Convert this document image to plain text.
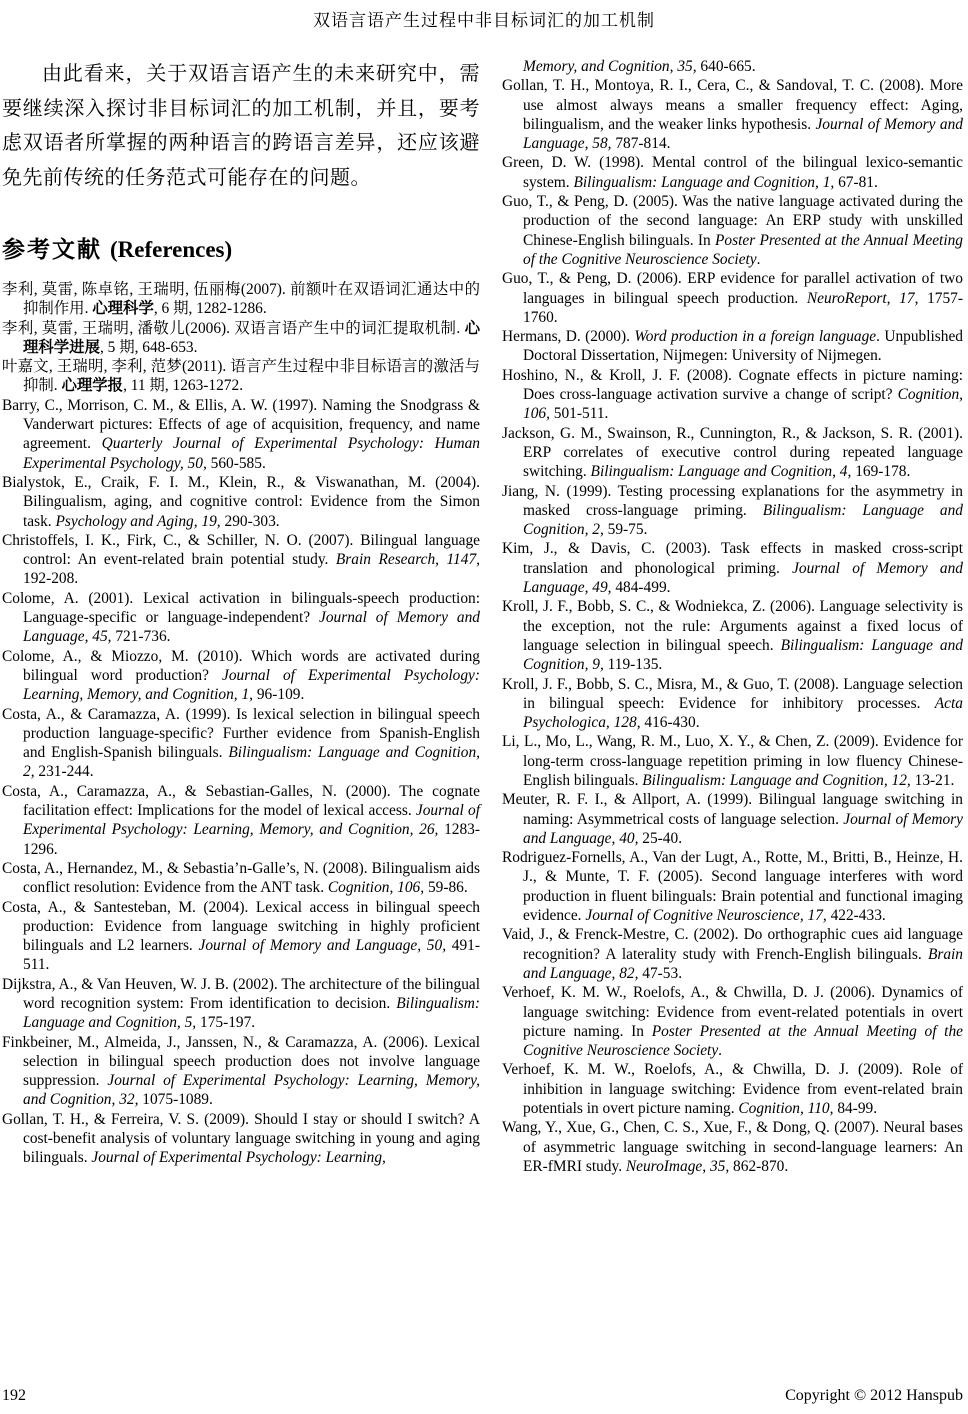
双语言语产生过程中非目标词汇的加工机制

由此看来，关于双语言语产生的未来研究中，需要继续深入探讨非目标词汇的加工机制，并且，要考虑双语者所掌握的两种语言的跨语言差异，还应该避免先前传统的任务范式可能存在的问题。

参考文献 (References)

李利, 莫雷, 陈卓铭, 王瑞明, 伍丽梅(2007). 前额叶在双语词汇通达中的抑制作用. 心理科学, 6 期, 1282-1286.

李利, 莫雷, 王瑞明, 潘敬儿(2006). 双语言语产生中的词汇提取机制. 心理科学进展, 5 期, 648-653.

叶嘉文, 王瑞明, 李利, 范梦(2011). 语言产生过程中非目标语言的激活与抑制. 心理学报, 11 期, 1263-1272.

Barry, C., Morrison, C. M., & Ellis, A. W. (1997). Naming the Snodgrass & Vanderwart pictures: Effects of age of acquisition, frequency, and name agreement. Quarterly Journal of Experimental Psychology: Human Experimental Psychology, 50, 560-585.

Bialystok, E., Craik, F. I. M., Klein, R., & Viswanathan, M. (2004). Bilingualism, aging, and cognitive control: Evidence from the Simon task. Psychology and Aging, 19, 290-303.

Christoffels, I. K., Firk, C., & Schiller, N. O. (2007). Bilingual language control: An event-related brain potential study. Brain Research, 1147, 192-208.

Colome, A. (2001). Lexical activation in bilinguals-speech production: Language-specific or language-independent? Journal of Memory and Language, 45, 721-736.

Colome, A., & Miozzo, M. (2010). Which words are activated during bilingual word production? Journal of Experimental Psychology: Learning, Memory, and Cognition, 1, 96-109.

Costa, A., & Caramazza, A. (1999). Is lexical selection in bilingual speech production language-specific? Further evidence from Spanish-English and English-Spanish bilinguals. Bilingualism: Language and Cognition, 2, 231-244.

Costa, A., Caramazza, A., & Sebastian-Galles, N. (2000). The cognate facilitation effect: Implications for the model of lexical access. Journal of Experimental Psychology: Learning, Memory, and Cognition, 26, 1283-1296.

Costa, A., Hernandez, M., & Sebastia’n-Galle’s, N. (2008). Bilingualism aids conflict resolution: Evidence from the ANT task. Cognition, 106, 59-86.

Costa, A., & Santesteban, M. (2004). Lexical access in bilingual speech production: Evidence from language switching in highly proficient bilinguals and L2 learners. Journal of Memory and Language, 50, 491-511.

Dijkstra, A., & Van Heuven, W. J. B. (2002). The architecture of the bilingual word recognition system: From identification to decision. Bilingualism: Language and Cognition, 5, 175-197.

Finkbeiner, M., Almeida, J., Janssen, N., & Caramazza, A. (2006). Lexical selection in bilingual speech production does not involve language suppression. Journal of Experimental Psychology: Learning, Memory, and Cognition, 32, 1075-1089.

Gollan, T. H., & Ferreira, V. S. (2009). Should I stay or should I switch? A cost-benefit analysis of voluntary language switching in young and aging bilinguals. Journal of Experimental Psychology: Learning,

Memory, and Cognition, 35, 640-665.

Gollan, T. H., Montoya, R. I., Cera, C., & Sandoval, T. C. (2008). More use almost always means a smaller frequency effect: Aging, bilingualism, and the weaker links hypothesis. Journal of Memory and Language, 58, 787-814.

Green, D. W. (1998). Mental control of the bilingual lexico-semantic system. Bilingualism: Language and Cognition, 1, 67-81.

Guo, T., & Peng, D. (2005). Was the native language activated during the production of the second language: An ERP study with unskilled Chinese-English bilinguals. In Poster Presented at the Annual Meeting of the Cognitive Neuroscience Society.

Guo, T., & Peng, D. (2006). ERP evidence for parallel activation of two languages in bilingual speech production. NeuroReport, 17, 1757-1760.

Hermans, D. (2000). Word production in a foreign language. Unpublished Doctoral Dissertation, Nijmegen: University of Nijmegen.

Hoshino, N., & Kroll, J. F. (2008). Cognate effects in picture naming: Does cross-language activation survive a change of script? Cognition, 106, 501-511.

Jackson, G. M., Swainson, R., Cunnington, R., & Jackson, S. R. (2001). ERP correlates of executive control during repeated language switching. Bilingualism: Language and Cognition, 4, 169-178.

Jiang, N. (1999). Testing processing explanations for the asymmetry in masked cross-language priming. Bilingualism: Language and Cognition, 2, 59-75.

Kim, J., & Davis, C. (2003). Task effects in masked cross-script translation and phonological priming. Journal of Memory and Language, 49, 484-499.

Kroll, J. F., Bobb, S. C., & Wodniekca, Z. (2006). Language selectivity is the exception, not the rule: Arguments against a fixed locus of language selection in bilingual speech. Bilingualism: Language and Cognition, 9, 119-135.

Kroll, J. F., Bobb, S. C., Misra, M., & Guo, T. (2008). Language selection in bilingual speech: Evidence for inhibitory processes. Acta Psychologica, 128, 416-430.

Li, L., Mo, L., Wang, R. M., Luo, X. Y., & Chen, Z. (2009). Evidence for long-term cross-language repetition priming in low fluency Chinese-English bilinguals. Bilingualism: Language and Cognition, 12, 13-21.

Meuter, R. F. I., & Allport, A. (1999). Bilingual language switching in naming: Asymmetrical costs of language selection. Journal of Memory and Language, 40, 25-40.

Rodriguez-Fornells, A., Van der Lugt, A., Rotte, M., Britti, B., Heinze, H. J., & Munte, T. F. (2005). Second language interferes with word production in fluent bilinguals: Brain potential and functional imaging evidence. Journal of Cognitive Neuroscience, 17, 422-433.

Vaid, J., & Frenck-Mestre, C. (2002). Do orthographic cues aid language recognition? A laterality study with French-English bilinguals. Brain and Language, 82, 47-53.

Verhoef, K. M. W., Roelofs, A., & Chwilla, D. J. (2006). Dynamics of language switching: Evidence from event-related potentials in overt picture naming. In Poster Presented at the Annual Meeting of the Cognitive Neuroscience Society.

Verhoef, K. M. W., Roelofs, A., & Chwilla, D. J. (2009). Role of inhibition in language switching: Evidence from event-related brain potentials in overt picture naming. Cognition, 110, 84-99.

Wang, Y., Xue, G., Chen, C. S., Xue, F., & Dong, Q. (2007). Neural bases of asymmetric language switching in second-language learners: An ER-fMRI study. NeuroImage, 35, 862-870.

192	Copyright © 2012 Hanspub
